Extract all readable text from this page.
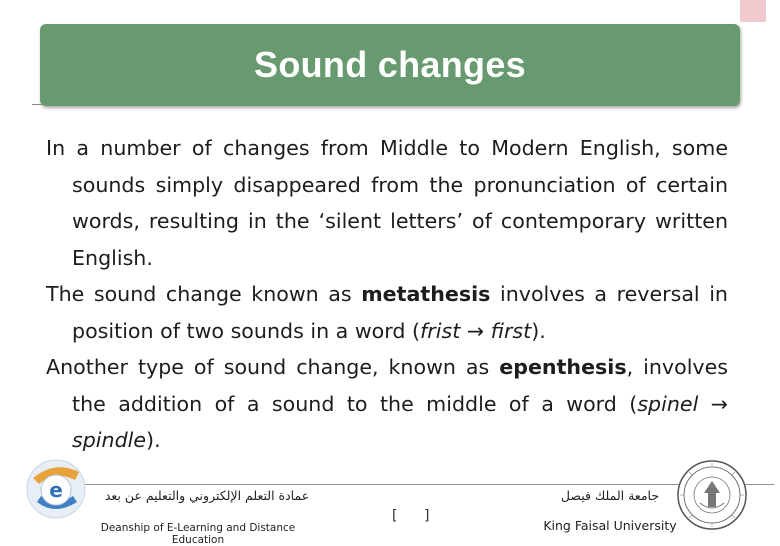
Sound changes

In a number of changes from Middle to Modern English, some sounds simply disappeared from the pronunciation of certain words, resulting in the ‘silent letters’ of contemporary written English.

The sound change known as metathesis involves a reversal in position of two sounds in a word (frist → first).

Another type of sound change, known as epenthesis, involves the addition of a sound to the middle of a word (spinel → spindle).

e	عمادة التعلم الإلكتروني والتعليم عن بعد
Deanship of E-Learning and Distance Education
[ ]
جامعة الملك فيصل
King Faisal University
